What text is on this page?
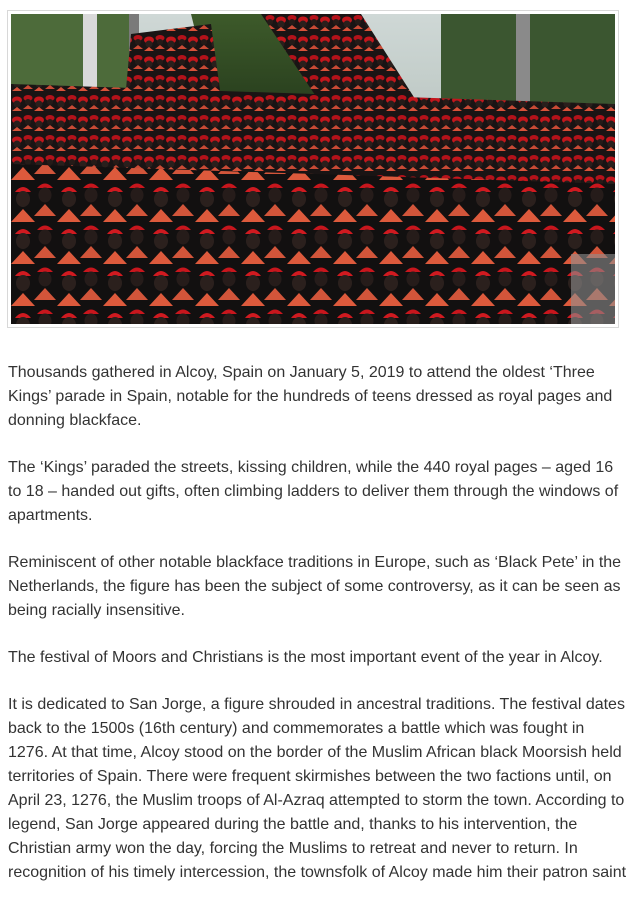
Thousands gathered in Alcoy, Spain on January 5, 2019 to attend the oldest ‘Three Kings’ parade in Spain, notable for the hundreds of teens dressed as royal pages and donning blackface.

The ‘Kings’ paraded the streets, kissing children, while the 440 royal pages – aged 16 to 18 – handed out gifts, often climbing ladders to deliver them through the windows of apartments.

Reminiscent of other notable blackface traditions in Europe, such as ‘Black Pete’ in the Netherlands, the figure has been the subject of some controversy, as it can be seen as being racially insensitive.

The festival of Moors and Christians is the most important event of the year in Alcoy.

It is dedicated to San Jorge, a figure shrouded in ancestral traditions. The festival dates back to the 1500s (16th century) and commemorates a battle which was fought in 1276. At that time, Alcoy stood on the border of the Muslim African black Moorsish held territories of Spain. There were frequent skirmishes between the two factions until, on April 23, 1276, the Muslim troops of Al-Azraq attempted to storm the town. According to legend, San Jorge appeared during the battle and, thanks to his intervention, the Christian army won the day, forcing the Muslims to retreat and never to return. In recognition of his timely intercession, the townsfolk of Alcoy made him their patron saint
